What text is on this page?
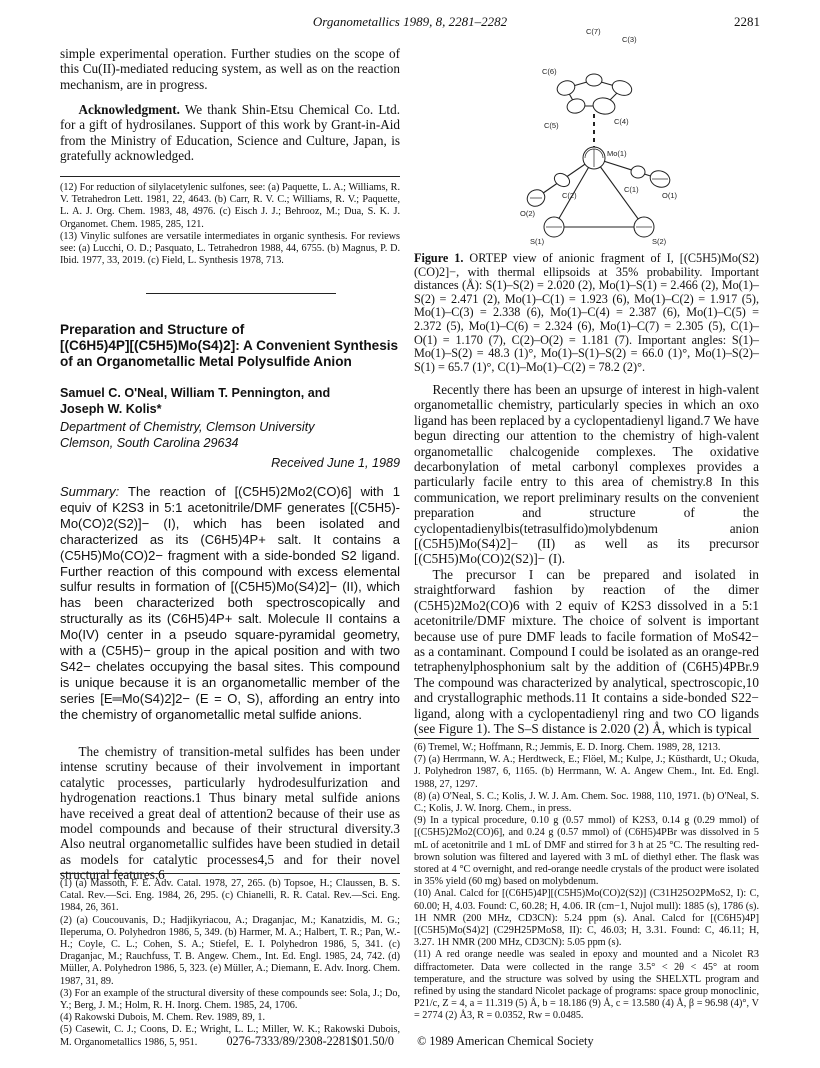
Organometallics 1989, 8, 2281–2282	2281

simple experimental operation. Further studies on the scope of this Cu(II)-mediated reducing system, as well as on the reaction mechanism, are in progress.

Acknowledgment. We thank Shin-Etsu Chemical Co. Ltd. for a gift of hydrosilanes. Support of this work by Grant-in-Aid from the Ministry of Education, Science and Culture, Japan, is gratefully acknowledged.

(12) For reduction of silylacetylenic sulfones, see: (a) Paquette, L. A.; Williams, R. V. Tetrahedron Lett. 1981, 22, 4643. (b) Carr, R. V. C.; Williams, R. V.; Paquette, L. A. J. Org. Chem. 1983, 48, 4976. (c) Eisch J. J.; Behrooz, M.; Dua, S. K. J. Organomet. Chem. 1985, 285, 121.

(13) Vinylic sulfones are versatile intermediates in organic synthesis. For reviews see: (a) Lucchi, O. D.; Pasquato, L. Tetrahedron 1988, 44, 6755. (b) Magnus, P. D. Ibid. 1977, 33, 2019. (c) Field, L. Synthesis 1978, 713.

Preparation and Structure of
[(C6H5)4P][(C5H5)Mo(S4)2]: A Convenient Synthesis of an Organometallic Metal Polysulfide Anion
Samuel C. O'Neal, William T. Pennington, and
Joseph W. Kolis*
Department of Chemistry, Clemson University
Clemson, South Carolina 29634
Received June 1, 1989

Summary: The reaction of [(C5H5)2Mo2(CO)6] with 1 equiv of K2S3 in 5:1 acetonitrile/DMF generates [(C5H5)-Mo(CO)2(S2)]− (I), which has been isolated and characterized as its (C6H5)4P+ salt. It contains a (C5H5)Mo(CO)2− fragment with a side-bonded S2 ligand. Further reaction of this compound with excess elemental sulfur results in formation of [(C5H5)Mo(S4)2]− (II), which has been characterized both spectroscopically and structurally as its (C6H5)4P+ salt. Molecule II contains a Mo(IV) center in a pseudo square-pyramidal geometry, with a (C5H5)− group in the apical position and with two S42− chelates occupying the basal sites. This compound is unique because it is an organometallic member of the series [E═Mo(S4)2]2− (E = O, S), affording an entry into the chemistry of organometallic metal sulfide anions.

The chemistry of transition-metal sulfides has been under intense scrutiny because of their involvement in important catalytic processes, particularly hydrodesulfurization and hydrogenation reactions.1 Thus binary metal sulfide anions have received a great deal of attention2 because of their use as model compounds and because of their structural diversity.3 Also neutral organometallic sulfides have been studied in detail as models for catalytic processes4,5 and for their novel structural features.6

(1) (a) Massoth, F. E. Adv. Catal. 1978, 27, 265. (b) Topsoe, H.; Claussen, B. S. Catal. Rev.—Sci. Eng. 1984, 26, 295. (c) Chianelli, R. R. Catal. Rev.—Sci. Eng. 1984, 26, 361.

(2) (a) Coucouvanis, D.; Hadjikyriacou, A.; Draganjac, M.; Kanatzidis, M. G.; Ileperuma, O. Polyhedron 1986, 5, 349. (b) Harmer, M. A.; Halbert, T. R.; Pan, W.-H.; Coyle, C. L.; Cohen, S. A.; Stiefel, E. I. Polyhedron 1986, 5, 341. (c) Draganjac, M.; Rauchfuss, T. B. Angew. Chem., Int. Ed. Engl. 1985, 24, 742. (d) Müller, A. Polyhedron 1986, 5, 323. (e) Müller, A.; Diemann, E. Adv. Inorg. Chem. 1987, 31, 89.

(3) For an example of the structural diversity of these compounds see: Sola, J.; Do, Y.; Berg, J. M.; Holm, R. H. Inorg. Chem. 1985, 24, 1706.

(4) Rakowski Dubois, M. Chem. Rev. 1989, 89, 1.

(5) Casewit, C. J.; Coons, D. E.; Wright, L. L.; Miller, W. K.; Rakowski Dubois, M. Organometallics 1986, 5, 951.

C(7)
C(3)
C(6)
C(5)	C(4)
Mo(1)
C(2)
C(1)
O(1)
O(2)
S(1)	S(2)

Figure 1. ORTEP view of anionic fragment of I, [(C5H5)Mo(S2)(CO)2]−, with thermal ellipsoids at 35% probability. Important distances (Å): S(1)–S(2) = 2.020 (2), Mo(1)–S(1) = 2.466 (2), Mo(1)–S(2) = 2.471 (2), Mo(1)–C(1) = 1.923 (6), Mo(1)–C(2) = 1.917 (5), Mo(1)–C(3) = 2.338 (6), Mo(1)–C(4) = 2.387 (6), Mo(1)–C(5) = 2.372 (5), Mo(1)–C(6) = 2.324 (6), Mo(1)–C(7) = 2.305 (5), C(1)–O(1) = 1.170 (7), C(2)–O(2) = 1.181 (7). Important angles: S(1)–Mo(1)–S(2) = 48.3 (1)°, Mo(1)–S(1)–S(2) = 66.0 (1)°, Mo(1)–S(2)–S(1) = 65.7 (1)°, C(1)–Mo(1)–C(2) = 78.2 (2)°.

Recently there has been an upsurge of interest in high-valent organometallic chemistry, particularly species in which an oxo ligand has been replaced by a cyclopentadienyl ligand.7 We have begun directing our attention to the chemistry of high-valent organometallic chalcogenide complexes. The oxidative decarbonylation of metal carbonyl complexes provides a particularly facile entry to this area of chemistry.8 In this communication, we report preliminary results on the convenient preparation and structure of the cyclopentadienylbis(tetrasulfido)molybdenum anion [(C5H5)Mo(S4)2]− (II) as well as its precursor [(C5H5)Mo(CO)2(S2)]− (I).

The precursor I can be prepared and isolated in straightforward fashion by reaction of the dimer (C5H5)2Mo2(CO)6 with 2 equiv of K2S3 dissolved in a 5:1 acetonitrile/DMF mixture. The choice of solvent is important because use of pure DMF leads to facile formation of MoS42− as a contaminant. Compound I could be isolated as an orange-red tetraphenylphosphonium salt by the addition of (C6H5)4PBr.9 The compound was characterized by analytical, spectroscopic,10 and crystallographic methods.11 It contains a side-bonded S22− ligand, along with a cyclopentadienyl ring and two CO ligands (see Figure 1). The S–S distance is 2.020 (2) Å, which is typical

(6) Tremel, W.; Hoffmann, R.; Jemmis, E. D. Inorg. Chem. 1989, 28, 1213.

(7) (a) Herrmann, W. A.; Herdtweck, E.; Flöel, M.; Kulpe, J.; Küsthardt, U.; Okuda, J. Polyhedron 1987, 6, 1165. (b) Herrmann, W. A. Angew Chem., Int. Ed. Engl. 1988, 27, 1297.

(8) (a) O'Neal, S. C.; Kolis, J. W. J. Am. Chem. Soc. 1988, 110, 1971. (b) O'Neal, S. C.; Kolis, J. W. Inorg. Chem., in press.

(9) In a typical procedure, 0.10 g (0.57 mmol) of K2S3, 0.14 g (0.29 mmol) of [(C5H5)2Mo2(CO)6], and 0.24 g (0.57 mmol) of (C6H5)4PBr was dissolved in 5 mL of acetonitrile and 1 mL of DMF and stirred for 3 h at 25 °C. The resulting red-brown solution was filtered and layered with 3 mL of diethyl ether. The flask was stored at 4 °C overnight, and red-orange needle crystals of the product were isolated in 35% yield (60 mg) based on molybdenum.

(10) Anal. Calcd for [(C6H5)4P][(C5H5)Mo(CO)2(S2)] (C31H25O2PMoS2, I): C, 60.00; H, 4.03. Found: C, 60.28; H, 4.06. IR (cm−1, Nujol mull): 1885 (s), 1786 (s). 1H NMR (200 MHz, CD3CN): 5.24 ppm (s). Anal. Calcd for [(C6H5)4P][(C5H5)Mo(S4)2] (C29H25PMoS8, II): C, 46.03; H, 3.31. Found: C, 46.11; H, 3.27. 1H NMR (200 MHz, CD3CN): 5.05 ppm (s).

(11) A red orange needle was sealed in epoxy and mounted and a Nicolet R3 diffractometer. Data were collected in the range 3.5° < 2θ < 45° at room temperature, and the structure was solved by using the SHELXTL program and refined by using the standard Nicolet package of programs: space group monoclinic, P21/c, Z = 4, a = 11.319 (5) Å, b = 18.186 (9) Å, c = 13.580 (4) Å, β = 96.98 (4)°, V = 2774 (2) Å3, R = 0.0352, Rw = 0.0485.

0276-7333/89/2308-2281$01.50/0 © 1989 American Chemical Society
